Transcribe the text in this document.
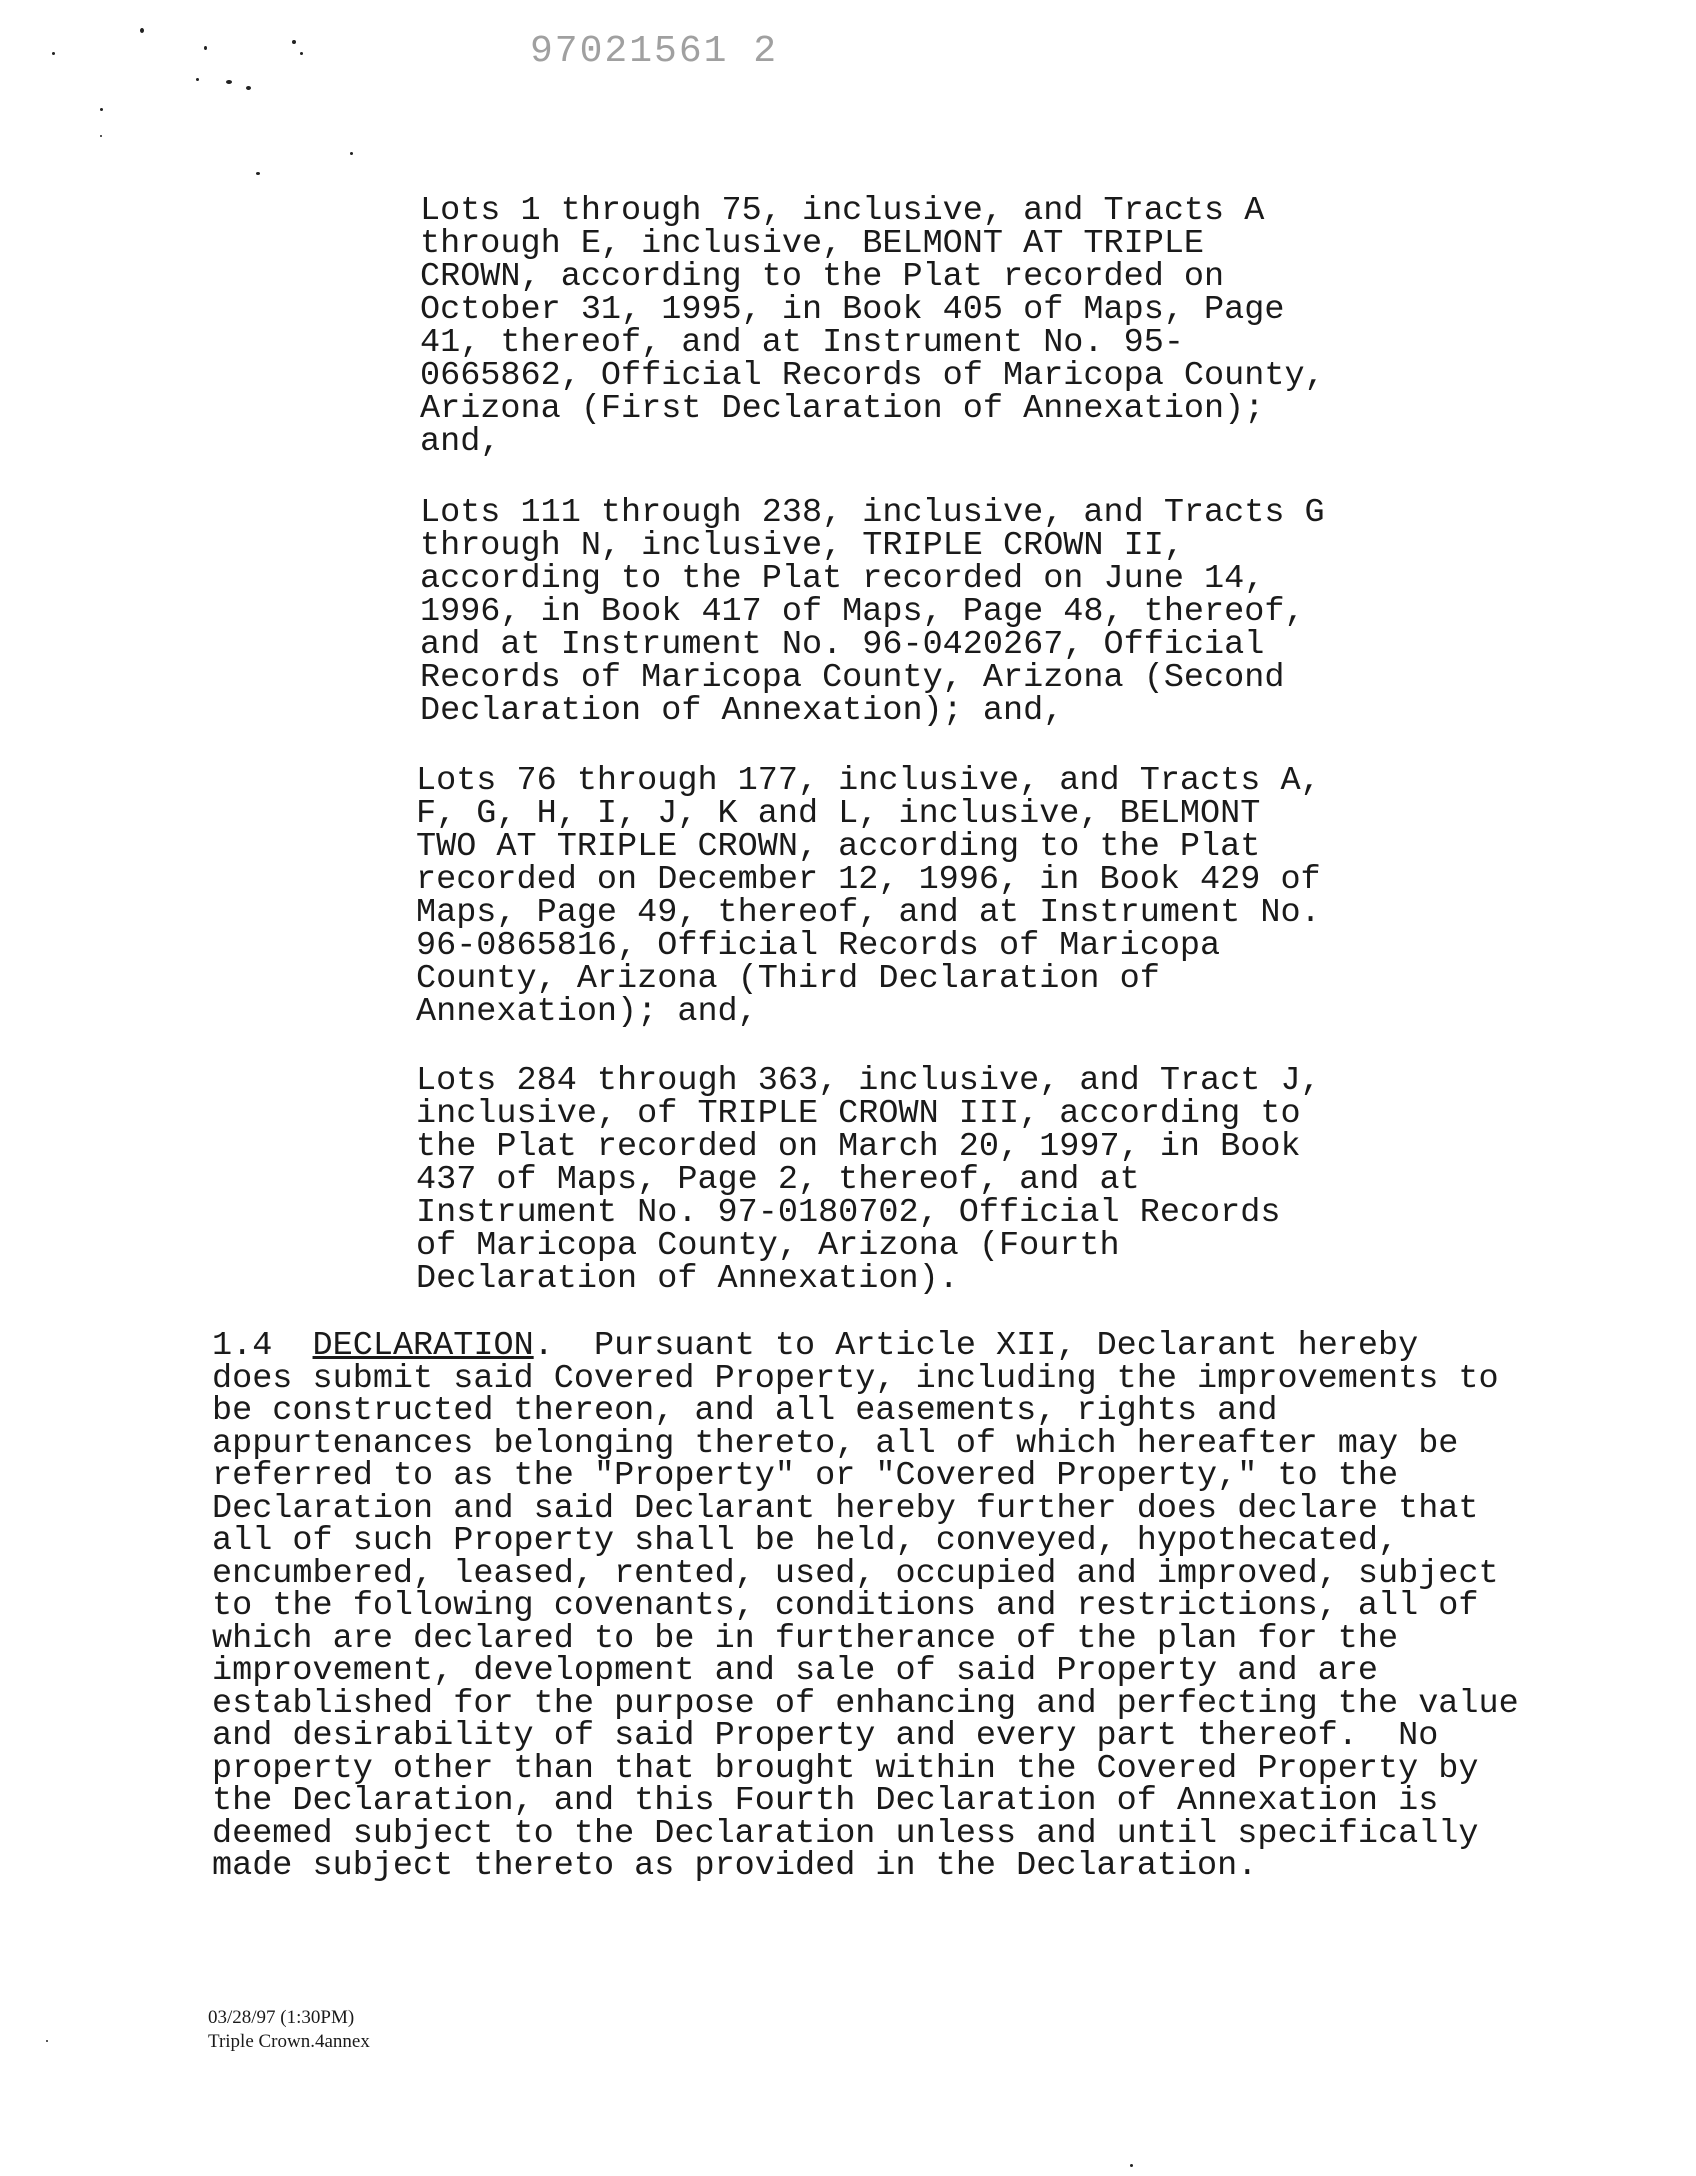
97021561 2
Lots 1 through 75, inclusive, and Tracts A
through E, inclusive, BELMONT AT TRIPLE
CROWN, according to the Plat recorded on
October 31, 1995, in Book 405 of Maps, Page
41, thereof, and at Instrument No. 95-
0665862, Official Records of Maricopa County,
Arizona (First Declaration of Annexation);
and,
Lots 111 through 238, inclusive, and Tracts G
through N, inclusive, TRIPLE CROWN II,
according to the Plat recorded on June 14,
1996, in Book 417 of Maps, Page 48, thereof,
and at Instrument No. 96-0420267, Official
Records of Maricopa County, Arizona (Second
Declaration of Annexation); and,
Lots 76 through 177, inclusive, and Tracts A,
F, G, H, I, J, K and L, inclusive, BELMONT
TWO AT TRIPLE CROWN, according to the Plat
recorded on December 12, 1996, in Book 429 of
Maps, Page 49, thereof, and at Instrument No.
96-0865816, Official Records of Maricopa
County, Arizona (Third Declaration of
Annexation); and,
Lots 284 through 363, inclusive, and Tract J,
inclusive, of TRIPLE CROWN III, according to
the Plat recorded on March 20, 1997, in Book
437 of Maps, Page 2, thereof, and at
Instrument No. 97-0180702, Official Records
of Maricopa County, Arizona (Fourth
Declaration of Annexation).
1.4 DECLARATION.  Pursuant to Article XII, Declarant hereby
does submit said Covered Property, including the improvements to
be constructed thereon, and all easements, rights and
appurtenances belonging thereto, all of which hereafter may be
referred to as the "Property" or "Covered Property," to the
Declaration and said Declarant hereby further does declare that
all of such Property shall be held, conveyed, hypothecated,
encumbered, leased, rented, used, occupied and improved, subject
to the following covenants, conditions and restrictions, all of
which are declared to be in furtherance of the plan for the
improvement, development and sale of said Property and are
established for the purpose of enhancing and perfecting the value
and desirability of said Property and every part thereof.  No
property other than that brought within the Covered Property by
the Declaration, and this Fourth Declaration of Annexation is
deemed subject to the Declaration unless and until specifically
made subject thereto as provided in the Declaration.
03/28/97 (1:30PM)
Triple Crown.4annex
